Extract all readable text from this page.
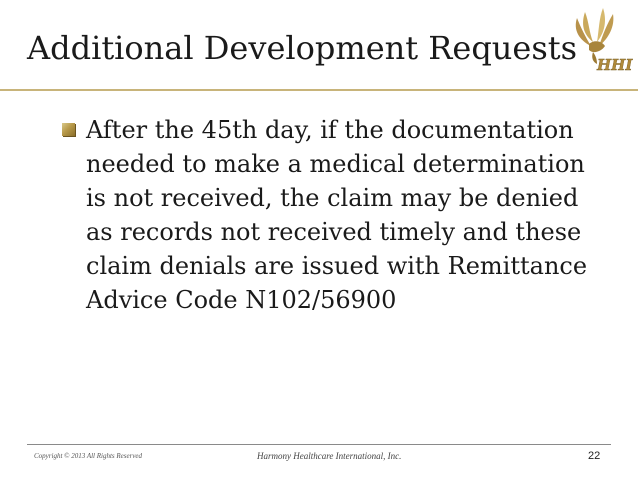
Additional Development Requests HHI
After the 45th day, if the documentation needed to make a medical determination is not received, the claim may be denied as records not received timely and these claim denials are issued with Remittance Advice Code N102/56900
Copyright © 2013 All Rights Reserved	Harmony Healthcare International, Inc.	22
